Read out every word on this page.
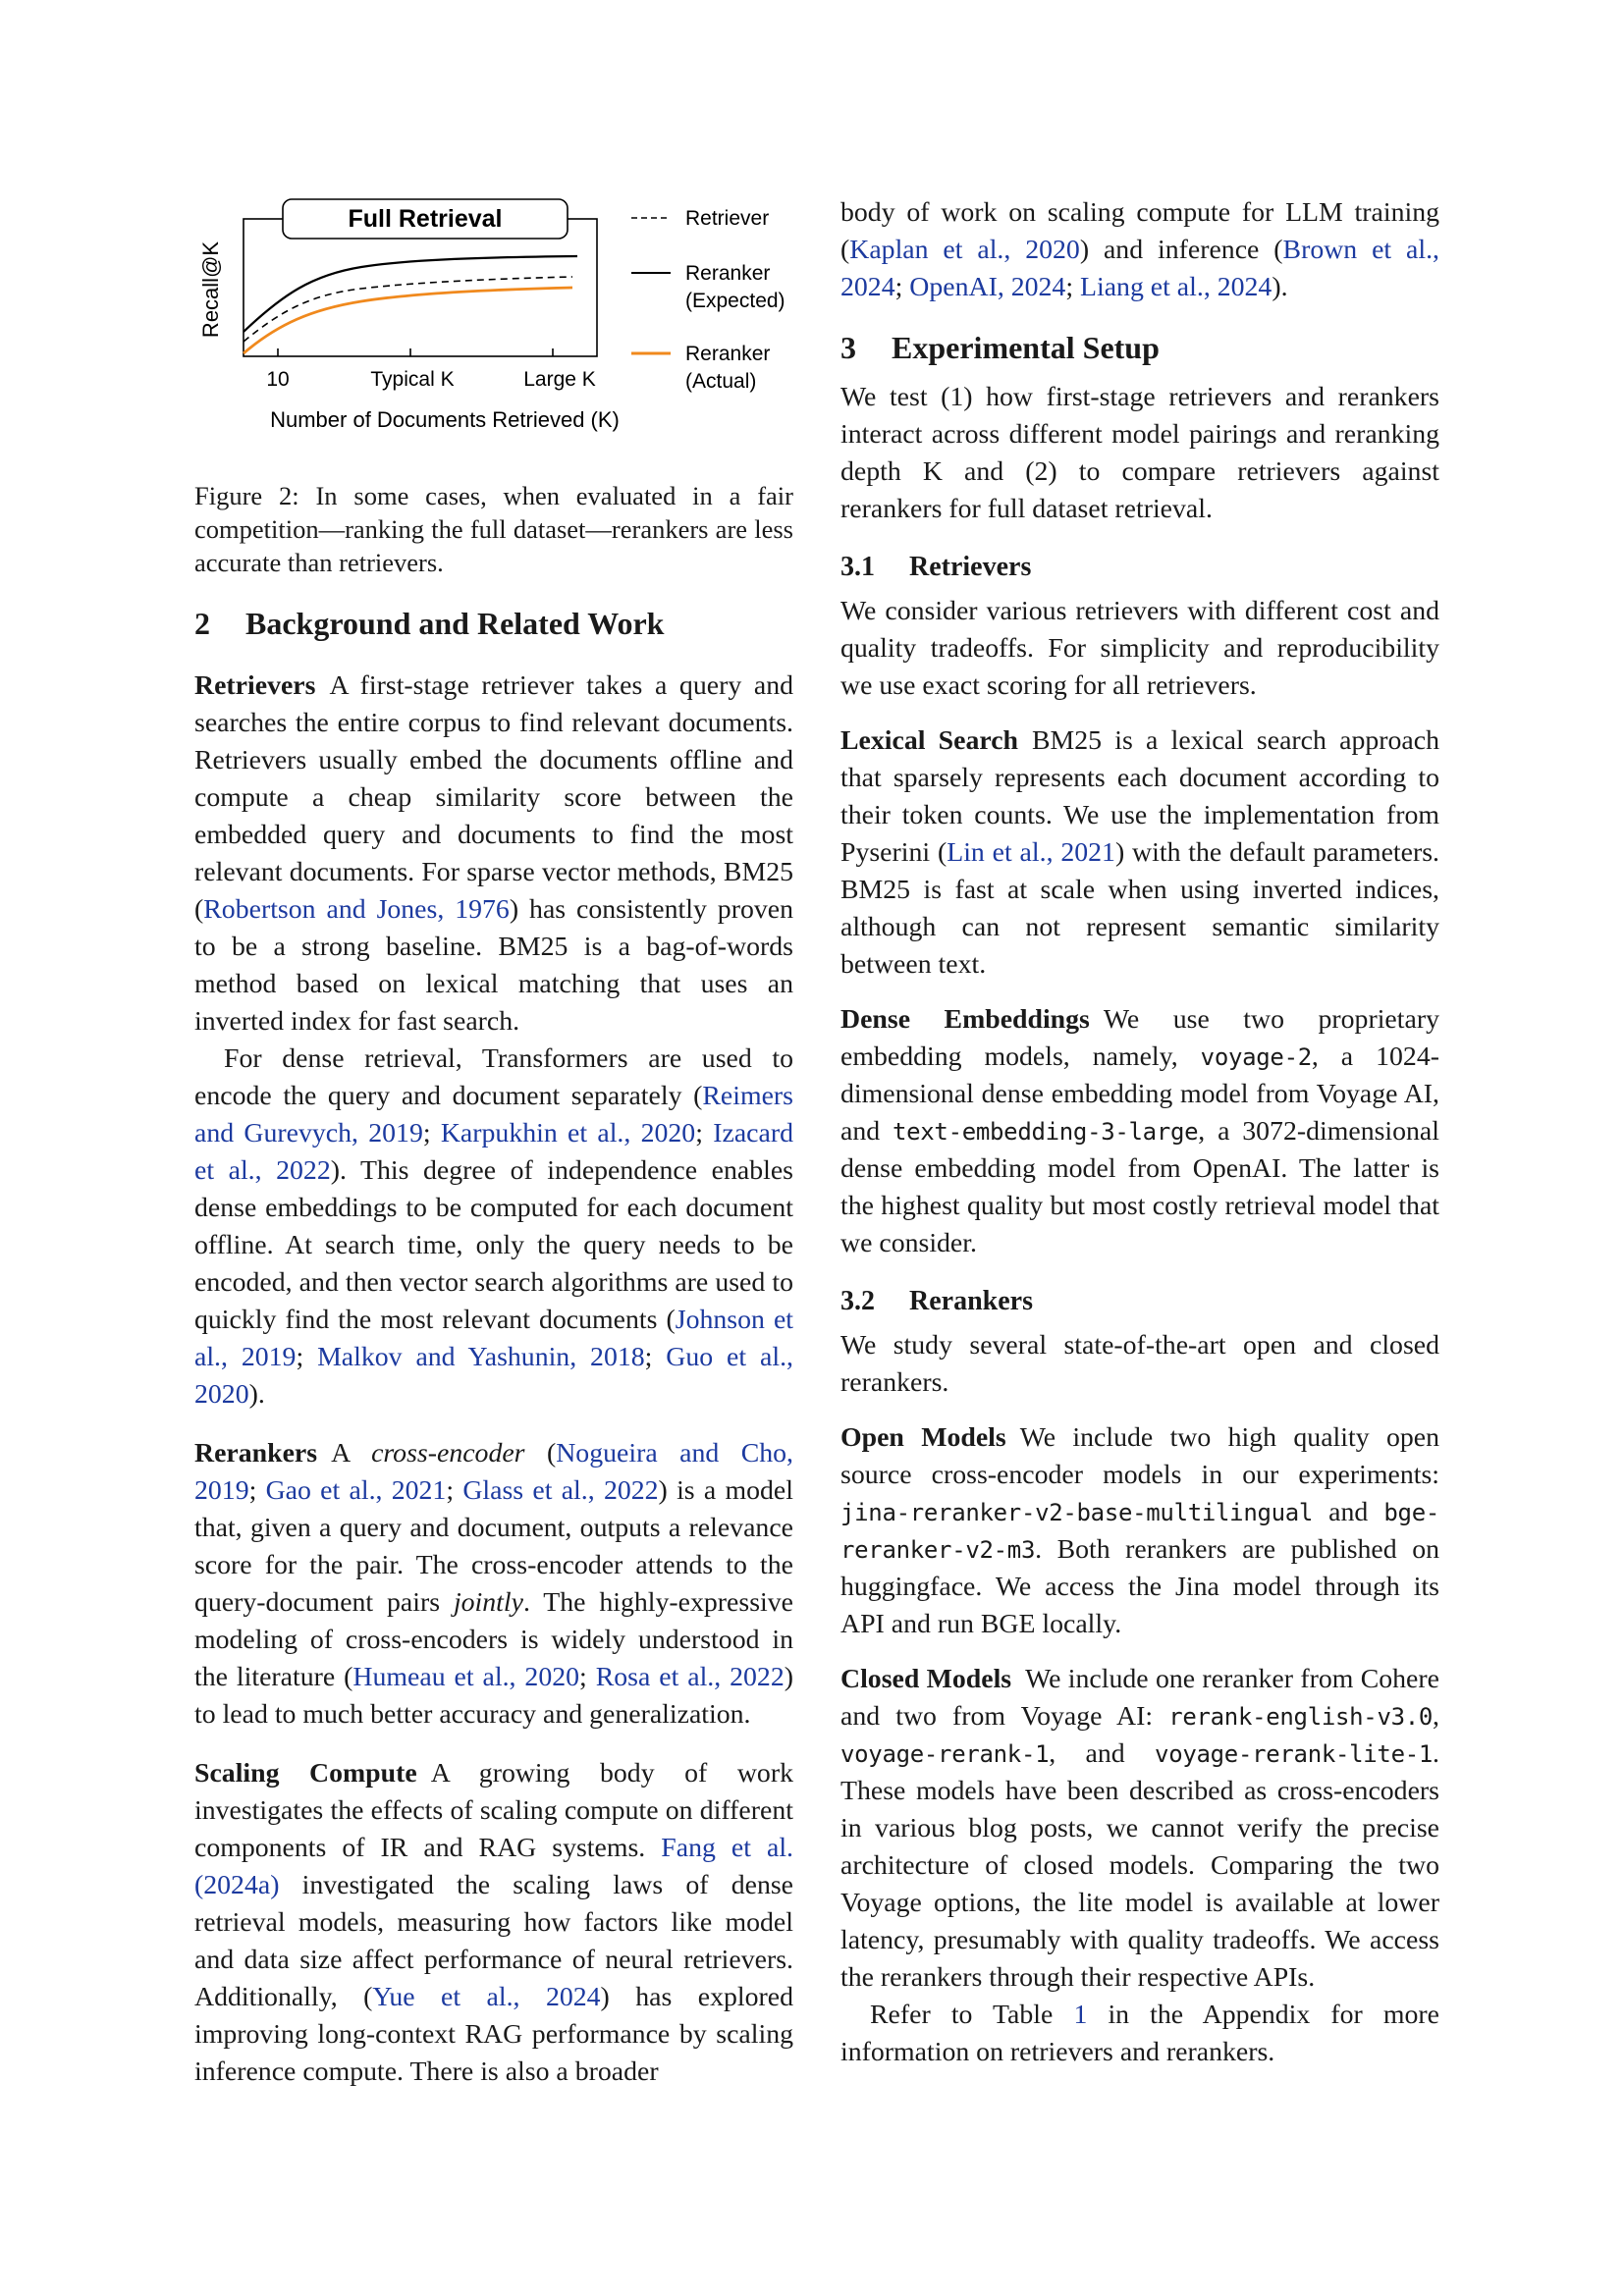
Full Retrieval
Recall@K
10	Typical K	Large K
Number of Documents Retrieved (K)
Retriever
Reranker
(Expected)
Reranker
(Actual)

Figure 2: In some cases, when evaluated in a fair competition—ranking the full dataset—rerankers are less accurate than retrievers.

2 Background and Related Work

Retrievers A first-stage retriever takes a query and searches the entire corpus to find relevant documents. Retrievers usually embed the documents offline and compute a cheap similarity score between the embedded query and documents to find the most relevant documents. For sparse vector methods, BM25 (Robertson and Jones, 1976) has consistently proven to be a strong baseline. BM25 is a bag-of-words method based on lexical matching that uses an inverted index for fast search.

For dense retrieval, Transformers are used to encode the query and document separately (Reimers and Gurevych, 2019; Karpukhin et al., 2020; Izacard et al., 2022). This degree of independence enables dense embeddings to be computed for each document offline. At search time, only the query needs to be encoded, and then vector search algorithms are used to quickly find the most relevant documents (Johnson et al., 2019; Malkov and Yashunin, 2018; Guo et al., 2020).

Rerankers A cross-encoder (Nogueira and Cho, 2019; Gao et al., 2021; Glass et al., 2022) is a model that, given a query and document, outputs a relevance score for the pair. The cross-encoder attends to the query-document pairs jointly. The highly-expressive modeling of cross-encoders is widely understood in the literature (Humeau et al., 2020; Rosa et al., 2022) to lead to much better accuracy and generalization.

Scaling Compute A growing body of work investigates the effects of scaling compute on different components of IR and RAG systems. Fang et al. (2024a) investigated the scaling laws of dense retrieval models, measuring how factors like model and data size affect performance of neural retrievers. Additionally, (Yue et al., 2024) has explored improving long-context RAG performance by scaling inference compute. There is also a broader

body of work on scaling compute for LLM training (Kaplan et al., 2020) and inference (Brown et al., 2024; OpenAI, 2024; Liang et al., 2024).

3 Experimental Setup

We test (1) how first-stage retrievers and rerankers interact across different model pairings and reranking depth K and (2) to compare retrievers against rerankers for full dataset retrieval.

3.1 Retrievers

We consider various retrievers with different cost and quality tradeoffs. For simplicity and reproducibility we use exact scoring for all retrievers.

Lexical Search BM25 is a lexical search approach that sparsely represents each document according to their token counts. We use the implementation from Pyserini (Lin et al., 2021) with the default parameters. BM25 is fast at scale when using inverted indices, although can not represent semantic similarity between text.

Dense Embeddings We use two proprietary embedding models, namely, voyage-2, a 1024-dimensional dense embedding model from Voyage AI, and text-embedding-3-large, a 3072-dimensional dense embedding model from OpenAI. The latter is the highest quality but most costly retrieval model that we consider.

3.2 Rerankers

We study several state-of-the-art open and closed rerankers.

Open Models We include two high quality open source cross-encoder models in our experiments: jina-reranker-v2-base-multilingual and bge-reranker-v2-m3. Both rerankers are published on huggingface. We access the Jina model through its API and run BGE locally.

Closed Models We include one reranker from Cohere and two from Voyage AI: rerank-english-v3.0, voyage-rerank-1, and voyage-rerank-lite-1. These models have been described as cross-encoders in various blog posts, we cannot verify the precise architecture of closed models. Comparing the two Voyage options, the lite model is available at lower latency, presumably with quality tradeoffs. We access the rerankers through their respective APIs.

Refer to Table 1 in the Appendix for more information on retrievers and rerankers.
